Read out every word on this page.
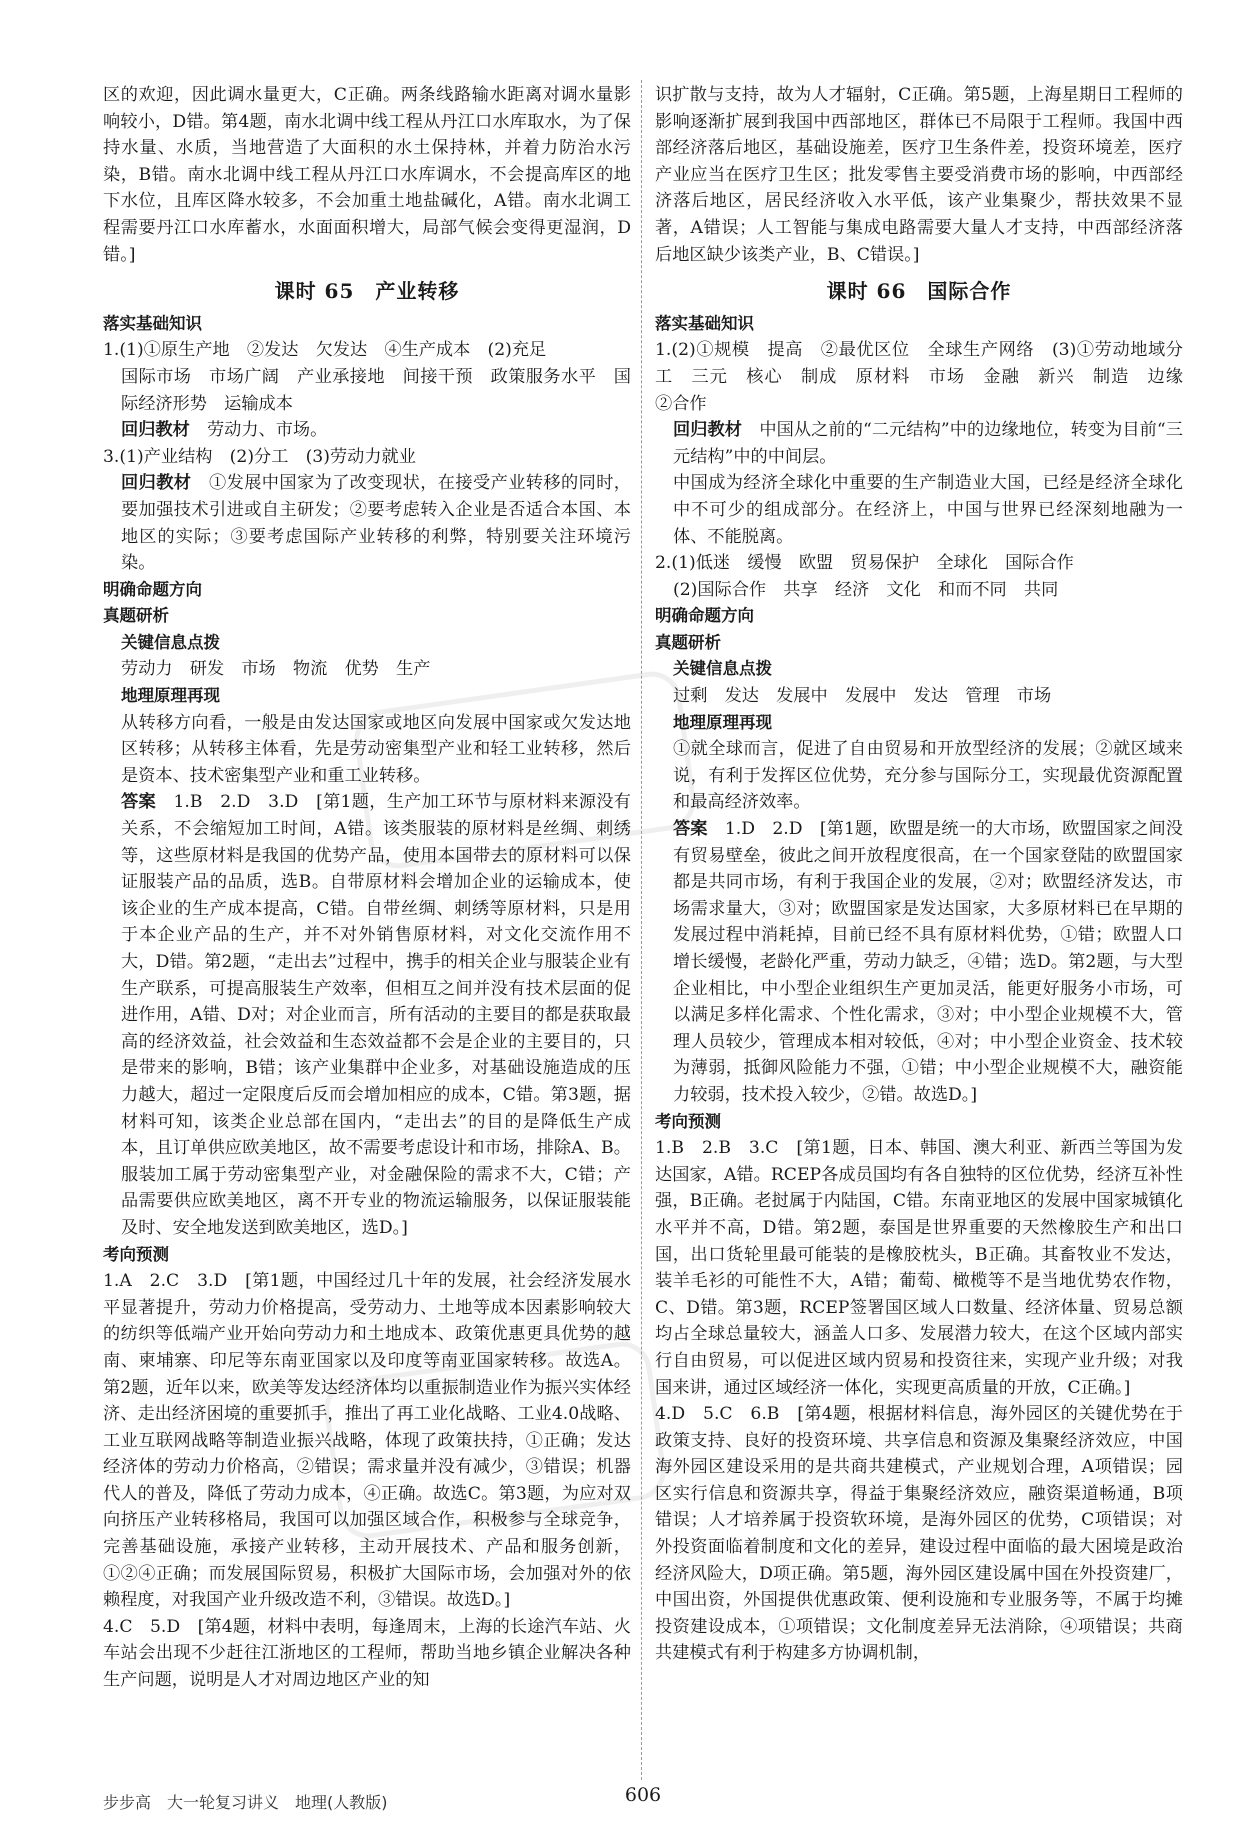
区的欢迎，因此调水量更大，C正确。两条线路输水距离对调水量影响较小，D错。第4题，南水北调中线工程从丹江口水库取水，为了保持水量、水质，当地营造了大面积的水土保持林，并着力防治水污染，B错。南水北调中线工程从丹江口水库调水，不会提高库区的地下水位，且库区降水较多，不会加重土地盐碱化，A错。南水北调工程需要丹江口水库蓄水，水面面积增大，局部气候会变得更湿润，D错。]

课时 65　产业转移

落实基础知识

1.(1)①原生产地　②发达　欠发达　④生产成本　(2)充足

国际市场　市场广阔　产业承接地　间接干预　政策服务水平　国际经济形势　运输成本

回归教材　 劳动力、市场。

3.(1)产业结构　(2)分工　(3)劳动力就业

回归教材　 ①发展中国家为了改变现状，在接受产业转移的同时，要加强技术引进或自主研发；②要考虑转入企业是否适合本国、本地区的实际；③要考虑国际产业转移的利弊，特别要关注环境污染。

明确命题方向

真题研析

关键信息点拨

劳动力　研发　市场　物流　优势　生产

地理原理再现

从转移方向看，一般是由发达国家或地区向发展中国家或欠发达地区转移；从转移主体看，先是劳动密集型产业和轻工业转移，然后是资本、技术密集型产业和重工业转移。

答案　 1.B　2.D　3.D　[第1题，生产加工环节与原材料来源没有关系，不会缩短加工时间，A错。该类服装的原材料是丝绸、刺绣等，这些原材料是我国的优势产品，使用本国带去的原材料可以保证服装产品的品质，选B。自带原材料会增加企业的运输成本，使该企业的生产成本提高，C错。自带丝绸、刺绣等原材料，只是用于本企业产品的生产，并不对外销售原材料，对文化交流作用不大，D错。第2题，“走出去”过程中，携手的相关企业与服装企业有生产联系，可提高服装生产效率，但相互之间并没有技术层面的促进作用，A错、D对；对企业而言，所有活动的主要目的都是获取最高的经济效益，社会效益和生态效益都不会是企业的主要目的，只是带来的影响，B错；该产业集群中企业多，对基础设施造成的压力越大，超过一定限度后反而会增加相应的成本，C错。第3题，据材料可知，该类企业总部在国内，“走出去”的目的是降低生产成本，且订单供应欧美地区，故不需要考虑设计和市场，排除A、B。服装加工属于劳动密集型产业，对金融保险的需求不大，C错；产品需要供应欧美地区，离不开专业的物流运输服务，以保证服装能及时、安全地发送到欧美地区，选D。]

考向预测

1.A　2.C　3.D　[第1题，中国经过几十年的发展，社会经济发展水平显著提升，劳动力价格提高，受劳动力、土地等成本因素影响较大的纺织等低端产业开始向劳动力和土地成本、政策优惠更具优势的越南、柬埔寨、印尼等东南亚国家以及印度等南亚国家转移。故选A。第2题，近年以来，欧美等发达经济体均以重振制造业作为振兴实体经济、走出经济困境的重要抓手，推出了再工业化战略、工业4.0战略、工业互联网战略等制造业振兴战略，体现了政策扶持，①正确；发达经济体的劳动力价格高，②错误；需求量并没有减少，③错误；机器代人的普及，降低了劳动力成本，④正确。故选C。第3题，为应对双向挤压产业转移格局，我国可以加强区域合作，积极参与全球竞争，完善基础设施，承接产业转移，主动开展技术、产品和服务创新，①②④正确；而发展国际贸易，积极扩大国际市场，会加强对外的依赖程度，对我国产业升级改造不利，③错误。故选D。]

4.C　5.D　[第4题，材料中表明，每逢周末，上海的长途汽车站、火车站会出现不少赶往江浙地区的工程师，帮助当地乡镇企业解决各种生产问题，说明是人才对周边地区产业的知

识扩散与支持，故为人才辐射，C正确。第5题，上海星期日工程师的影响逐渐扩展到我国中西部地区，群体已不局限于工程师。我国中西部经济落后地区，基础设施差，医疗卫生条件差，投资环境差，医疗产业应当在医疗卫生区；批发零售主要受消费市场的影响，中西部经济落后地区，居民经济收入水平低，该产业集聚少，帮扶效果不显著，A错误；人工智能与集成电路需要大量人才支持，中西部经济落后地区缺少该类产业，B、C错误。]

课时 66　国际合作

落实基础知识

1.(2)①规模　提高　②最优区位　全球生产网络　(3)①劳动地域分工　三元　核心　制成　原材料　市场　金融　新兴　制造　边缘　②合作

回归教材　 中国从之前的“二元结构”中的边缘地位，转变为目前“三元结构”中的中间层。

中国成为经济全球化中重要的生产制造业大国，已经是经济全球化中不可少的组成部分。在经济上，中国与世界已经深刻地融为一体、不能脱离。

2.(1)低迷　缓慢　欧盟　贸易保护　全球化　国际合作

(2)国际合作　共享　经济　文化　和而不同　共同

明确命题方向

真题研析

关键信息点拨

过剩　发达　发展中　发展中　发达　管理　市场

地理原理再现

①就全球而言，促进了自由贸易和开放型经济的发展；②就区域来说，有利于发挥区位优势，充分参与国际分工，实现最优资源配置和最高经济效率。

答案　 1.D　2.D　[第1题，欧盟是统一的大市场，欧盟国家之间没有贸易壁垒，彼此之间开放程度很高，在一个国家登陆的欧盟国家都是共同市场，有利于我国企业的发展，②对；欧盟经济发达，市场需求量大，③对；欧盟国家是发达国家，大多原材料已在早期的发展过程中消耗掉，目前已经不具有原材料优势，①错；欧盟人口增长缓慢，老龄化严重，劳动力缺乏，④错；选D。第2题，与大型企业相比，中小型企业组织生产更加灵活，能更好服务小市场，可以满足多样化需求、个性化需求，③对；中小型企业规模不大，管理人员较少，管理成本相对较低，④对；中小型企业资金、技术较为薄弱，抵御风险能力不强，①错；中小型企业规模不大，融资能力较弱，技术投入较少，②错。故选D。]

考向预测

1.B　2.B　3.C　[第1题，日本、韩国、澳大利亚、新西兰等国为发达国家，A错。RCEP各成员国均有各自独特的区位优势，经济互补性强，B正确。老挝属于内陆国，C错。东南亚地区的发展中国家城镇化水平并不高，D错。第2题，泰国是世界重要的天然橡胶生产和出口国，出口货轮里最可能装的是橡胶枕头，B正确。其畜牧业不发达，装羊毛衫的可能性不大，A错；葡萄、橄榄等不是当地优势农作物，C、D错。第3题，RCEP签署国区域人口数量、经济体量、贸易总额均占全球总量较大，涵盖人口多、发展潜力较大，在这个区域内部实行自由贸易，可以促进区域内贸易和投资往来，实现产业升级；对我国来讲，通过区域经济一体化，实现更高质量的开放，C正确。]

4.D　5.C　6.B　[第4题，根据材料信息，海外园区的关键优势在于政策支持、良好的投资环境、共享信息和资源及集聚经济效应，中国海外园区建设采用的是共商共建模式，产业规划合理，A项错误；园区实行信息和资源共享，得益于集聚经济效应，融资渠道畅通，B项错误；人才培养属于投资软环境，是海外园区的优势，C项错误；对外投资面临着制度和文化的差异，建设过程中面临的最大困境是政治经济风险大，D项正确。第5题，海外园区建设属中国在外投资建厂，中国出资，外国提供优惠政策、便利设施和专业服务等，不属于均摊投资建设成本，①项错误；文化制度差异无法消除，④项错误；共商共建模式有利于构建多方协调机制，

步步高　大一轮复习讲义　地理(人教版)	606
